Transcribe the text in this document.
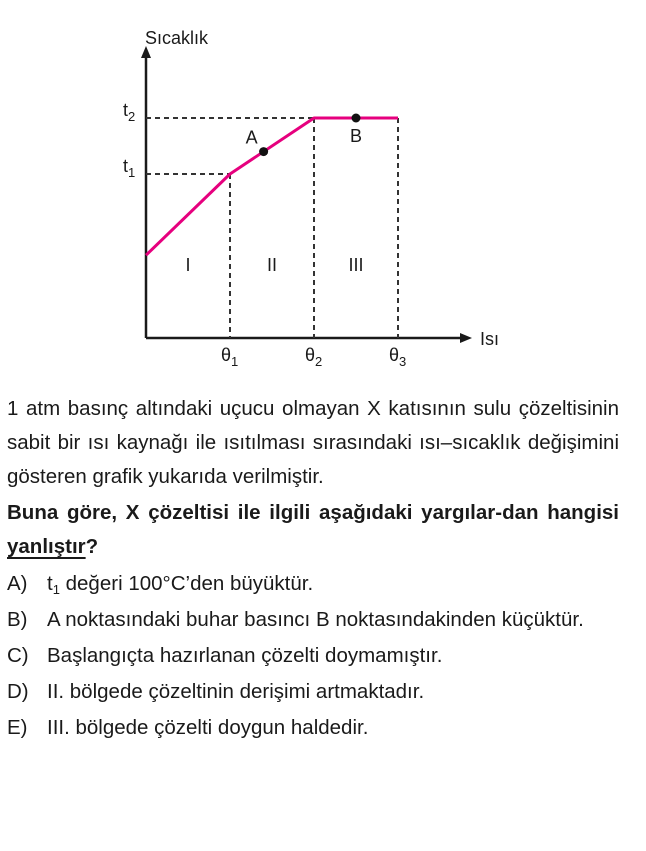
Sıcaklık
Isı
$t_1$
$t_2$
$\theta_1$	$\theta_2$	$\theta_3$
A	B
I	II	III
1 atm basınç altındaki uçucu olmayan X katısının sulu çözeltisinin sabit bir ısı kaynağı ile ısıtılması sırasındaki ısı–sıcaklık değişimini gösteren grafik yukarıda verilmiştir.
Buna göre, X çözeltisi ile ilgili aşağıdaki yargılar-dan hangisi yanlıştır?
A) $t_1$ değeri 100°C’den büyüktür.
B) A noktasındaki buhar basıncı B noktasındakinden küçüktür.
C) Başlangıçta hazırlanan çözelti doymamıştır.
D) II. bölgede çözeltinin derişimi artmaktadır.
E) III. bölgede çözelti doygun haldedir.
